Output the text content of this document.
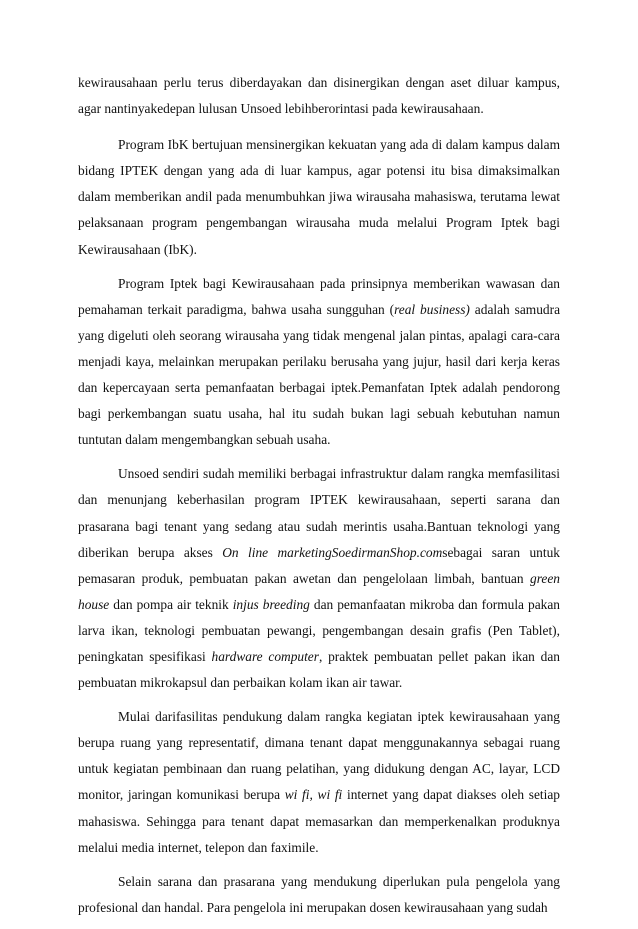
kewirausahaan perlu terus diberdayakan dan disinergikan dengan aset diluar kampus, agar nantinyakedepan lulusan Unsoed lebihberorintasi pada kewirausahaan.

Program IbK bertujuan mensinergikan kekuatan yang ada di dalam kampus dalam bidang IPTEK dengan yang ada di luar kampus, agar potensi itu bisa dimaksimalkan dalam memberikan andil pada menumbuhkan jiwa wirausaha mahasiswa, terutama lewat pelaksanaan program pengembangan wirausaha muda melalui Program Iptek bagi Kewirausahaan (IbK).

Program Iptek bagi Kewirausahaan pada prinsipnya memberikan wawasan dan pemahaman terkait paradigma, bahwa usaha sungguhan (real business) adalah samudra yang digeluti oleh seorang wirausaha yang tidak mengenal jalan pintas, apalagi cara-cara menjadi kaya, melainkan merupakan perilaku berusaha yang jujur, hasil dari kerja keras dan kepercayaan serta pemanfaatan berbagai iptek.Pemanfatan Iptek adalah pendorong bagi perkembangan suatu usaha, hal itu sudah bukan lagi sebuah kebutuhan namun tuntutan dalam mengembangkan sebuah usaha.

Unsoed sendiri sudah memiliki berbagai infrastruktur dalam rangka memfasilitasi dan menunjang keberhasilan program IPTEK kewirausahaan, seperti sarana dan prasarana bagi tenant yang sedang atau sudah merintis usaha.Bantuan teknologi yang diberikan berupa akses On line marketingSoedirmanShop.comsebagai saran untuk pemasaran produk, pembuatan pakan awetan dan pengelolaan limbah, bantuan green house dan pompa air teknik injus breeding dan pemanfaatan mikroba dan formula pakan larva ikan, teknologi pembuatan pewangi, pengembangan desain grafis (Pen Tablet), peningkatan spesifikasi hardware computer, praktek pembuatan pellet pakan ikan dan pembuatan mikrokapsul dan perbaikan kolam ikan air tawar.

Mulai darifasilitas pendukung dalam rangka kegiatan iptek kewirausahaan yang berupa ruang yang representatif, dimana tenant dapat menggunakannya sebagai ruang untuk kegiatan pembinaan dan ruang pelatihan, yang didukung dengan AC, layar, LCD monitor, jaringan komunikasi berupa wi fi, wi fi internet yang dapat diakses oleh setiap mahasiswa. Sehingga para tenant dapat memasarkan dan memperkenalkan produknya melalui media internet, telepon dan faximile.

Selain sarana dan prasarana yang mendukung diperlukan pula pengelola yang profesional dan handal. Para pengelola ini merupakan dosen kewirausahaan yang sudah
